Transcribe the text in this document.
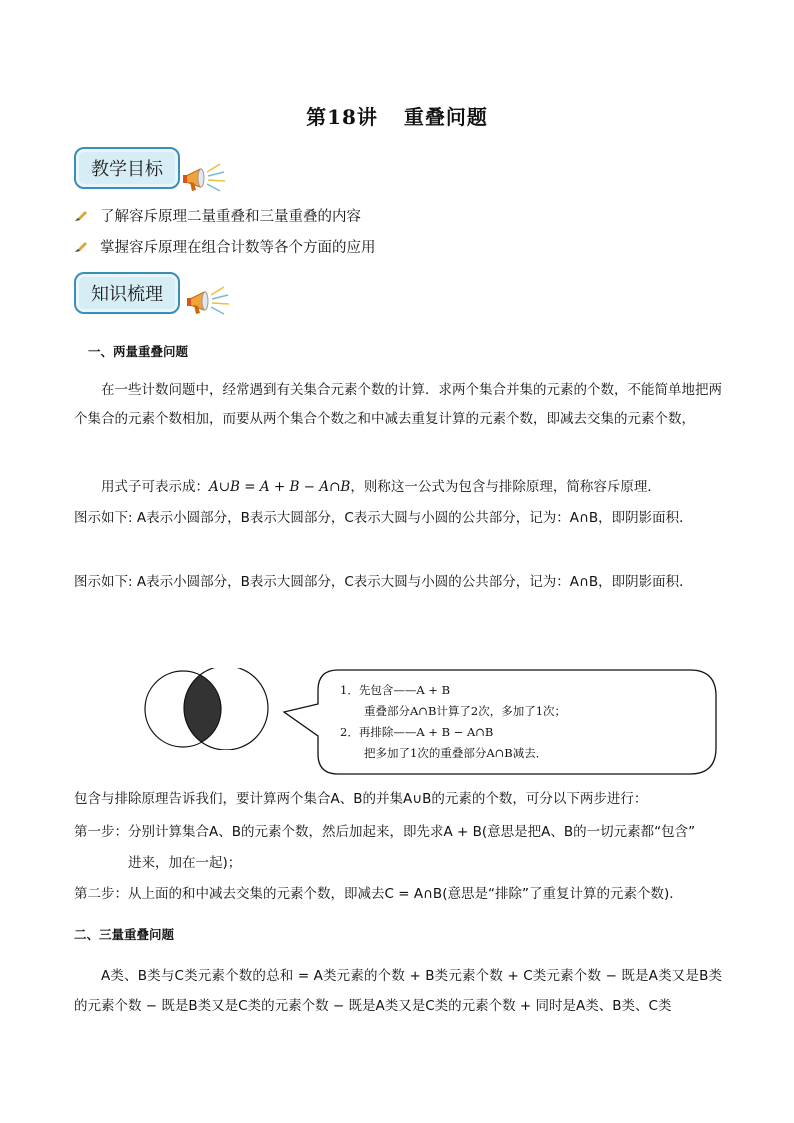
第18讲 重叠问题
教学目标
了解容斥原理二量重叠和三量重叠的内容
掌握容斥原理在组合计数等各个方面的应用
知识梳理
一、两量重叠问题
在一些计数问题中，经常遇到有关集合元素个数的计算．求两个集合并集的元素的个数，不能简单地把两个集合的元素个数相加，而要从两个集合个数之和中减去重复计算的元素个数，即减去交集的元素个数，
用式子可表示成：A∪B = A + B − A∩B，则称这一公式为包含与排除原理，简称容斥原理．
图示如下: A表示小圆部分，B表示大圆部分，C表示大圆与小圆的公共部分，记为：A∩B，即阴影面积．
图示如下: A表示小圆部分，B表示大圆部分，C表示大圆与小圆的公共部分，记为：A∩B，即阴影面积．
1．先包含——A + B
重叠部分A∩B计算了2次，多加了1次；
2．再排除——A + B − A∩B
把多加了1次的重叠部分A∩B减去．
包含与排除原理告诉我们，要计算两个集合A、B的并集A∪B的元素的个数，可分以下两步进行：
第一步：分别计算集合A、B的元素个数，然后加起来，即先求A + B(意思是把A、B的一切元素都“包含”
进来，加在一起)；
第二步：从上面的和中减去交集的元素个数，即减去C = A∩B(意思是“排除”了重复计算的元素个数)．
二、三量重叠问题
A类、B类与C类元素个数的总和 = A类元素的个数 + B类元素个数 + C类元素个数 − 既是A类又是B类的元素个数 − 既是B类又是C类的元素个数 − 既是A类又是C类的元素个数 + 同时是A类、B类、C类
